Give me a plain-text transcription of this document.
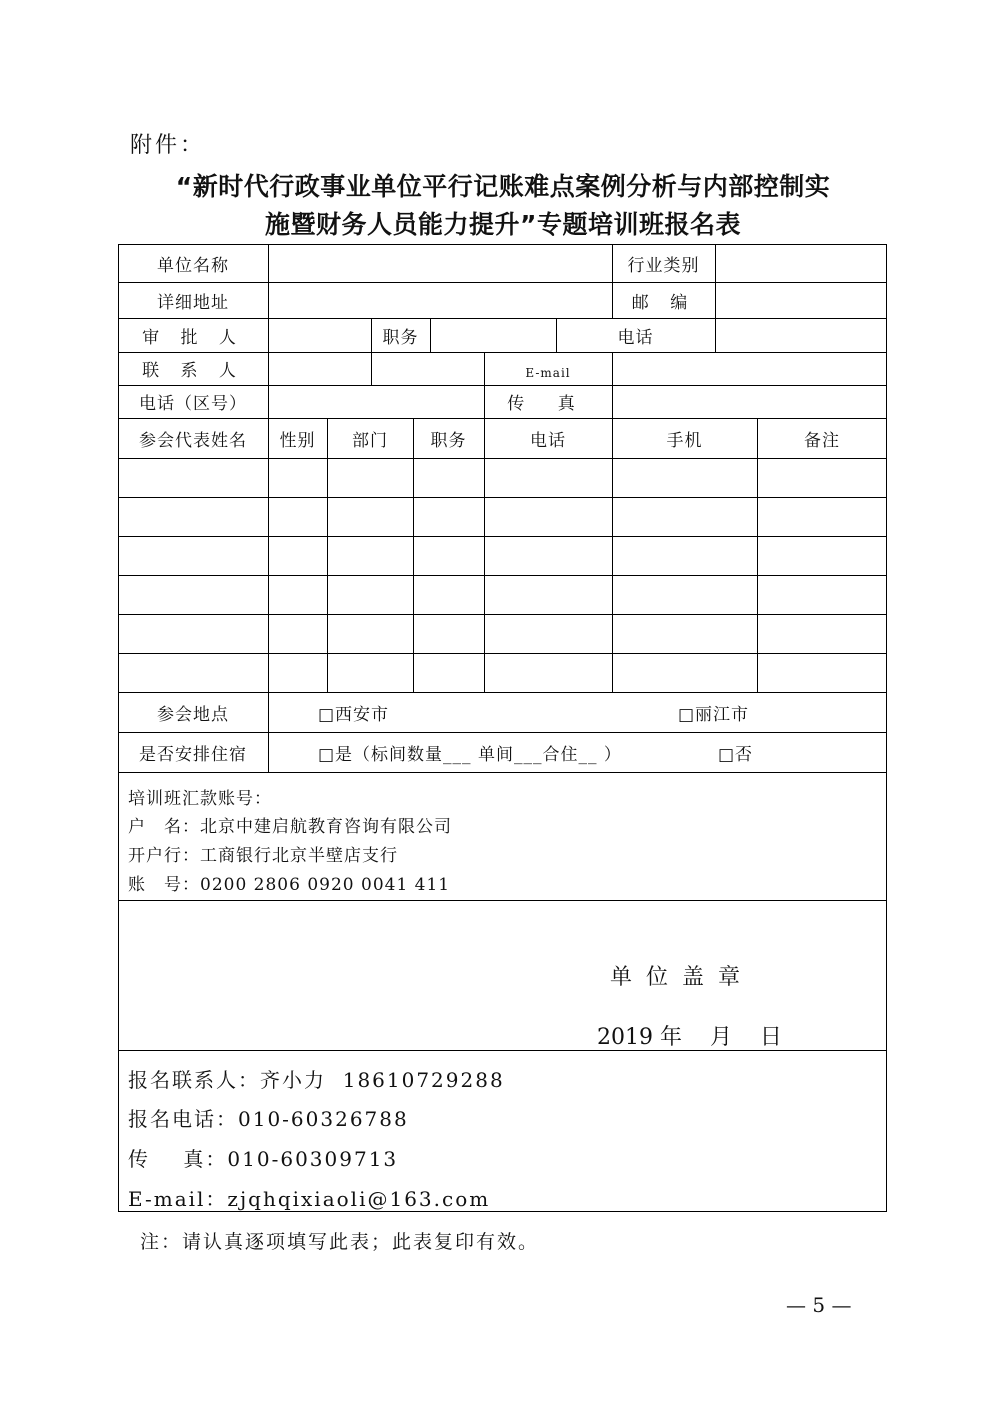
附件：
“新时代行政事业单位平行记账难点案例分析与内部控制实
施暨财务人员能力提升”专题培训班报名表
单位名称	行业类别
详细地址	邮 编
审 批 人	职务	电话
联 系 人	E-mail
电话（区号）	传 真
参会代表姓名	性别	部门	职务	电话	手机	备注
参会地点	□西安市	□丽江市
是否安排住宿	□是（标间数量___ 单间___合住__ ）	□否
培训班汇款账号：
户　名：北京中建启航教育咨询有限公司
开户行：工商银行北京半壁店支行
账　号：0200 2806 0920 0041 411
单位盖章
2019 年    月    日
报名联系人：齐小力  18610729288
报名电话：010-60326788
传    真：010-60309713
E-mail：zjqhqixiaoli@163.com
注：请认真逐项填写此表；此表复印有效。
— 5 —
